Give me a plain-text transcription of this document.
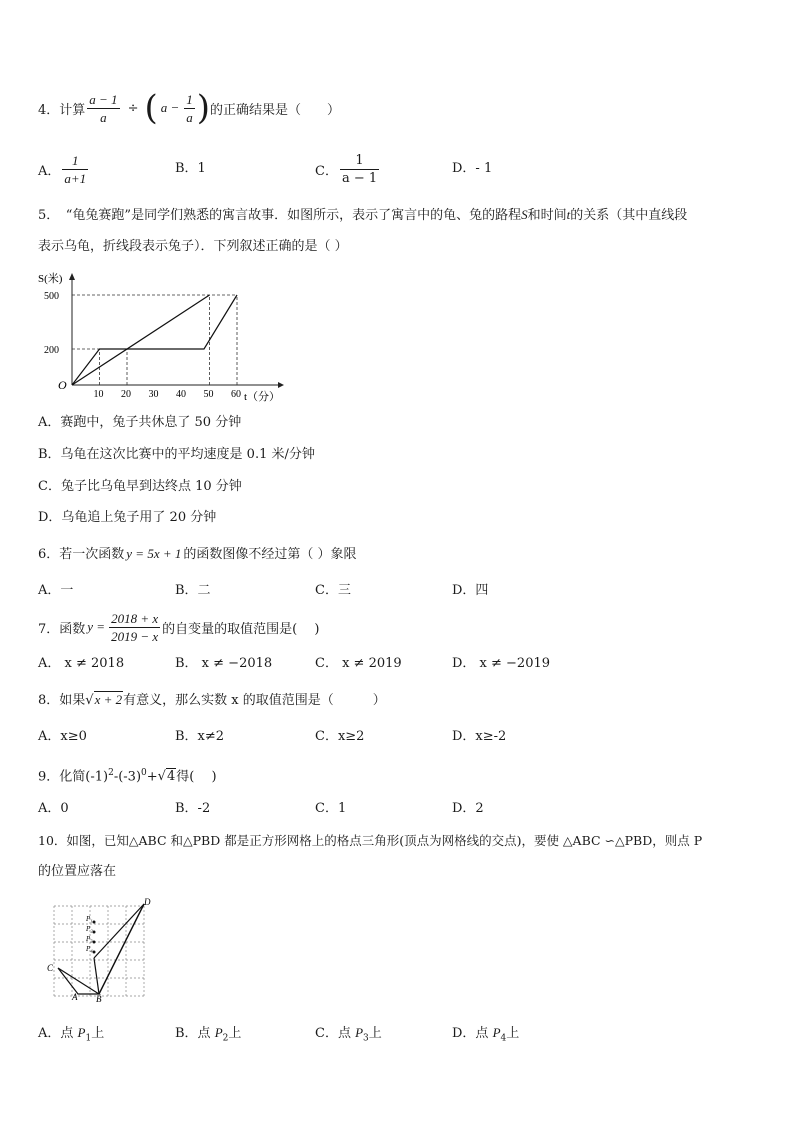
4．计算 $\frac{a - 1}{a}$ ÷ ( $a - \frac{1}{a}$ ) 的正确结果是（　　）
A． $\frac{1}{a+1}$	B．1	C． $\frac{1}{a - 1}$	D．- 1
5．　“龟兔赛跑”是同学们熟悉的寓言故事．如图所示，表示了寓言中的龟、兔的路程S和时间t的关系（其中直线段
表示乌龟，折线段表示兔子）．下列叙述正确的是（ ）
10 20 30 40 50 60
200
500
S(米)
O
t（分）
A．赛跑中，兔子共休息了 50 分钟
B．乌龟在这次比赛中的平均速度是 0.1 米/分钟
C．兔子比乌龟早到达终点 10 分钟
D．乌龟追上兔子用了 20 分钟
6．若一次函数 y = 5x + 1 的函数图像不经过第（ ）象限
A．一	B．二	C．三	D．四
7．函数 $y = \frac{2018 + x}{2019 - x}$ 的自变量的取值范围是(　 )
A． x ≠ 2018	B． x ≠ −2018	C． x ≠ 2019	D． x ≠ −2019
8．如果√x + 2有意义，那么实数 x 的取值范围是（　　　）
A．x≥0	B．x≠2	C．x≥2	D．x≥-2
9．化简$(-1)^2-(-3)^0+√4$得(　 )
A．0	B．-2	C．1	D．2
10．如图，已知△ABC 和△PBD 都是正方形网格上的格点三角形(顶点为网格线的交点)，要使 △ABC ∽△PBD，则点 P
的位置应落在
P₁
P₂
P₃
P₄
C
A B
D
A．点 $P_1$上	B．点 $P_2$上	C．点 $P_3$上	D．点 $P_4$上
